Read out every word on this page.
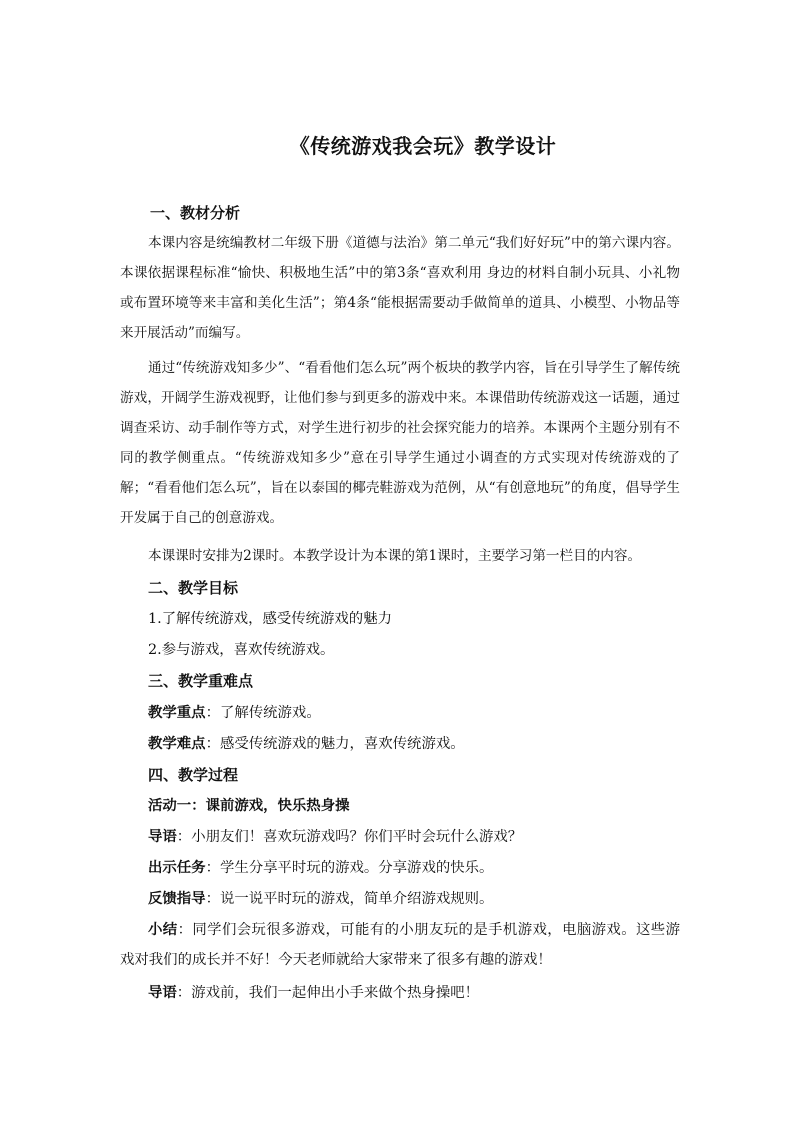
《传统游戏我会玩》教学设计
一、教材分析

本课内容是统编教材二年级下册《道德与法治》第二单元“我们好好玩”中的第六课内容。本课依据课程标准“愉快、积极地生活”中的第3条“喜欢利用 身边的材料自制小玩具、小礼物或布置环境等来丰富和美化生活”；第4条“能根据需要动手做简单的道具、小模型、小物品等来开展活动”而编写。

通过“传统游戏知多少”、“看看他们怎么玩”两个板块的教学内容，旨在引导学生了解传统游戏，开阔学生游戏视野，让他们参与到更多的游戏中来。本课借助传统游戏这一话题，通过调查采访、动手制作等方式，对学生进行初步的社会探究能力的培养。本课两个主题分别有不同的教学侧重点。“传统游戏知多少”意在引导学生通过小调查的方式实现对传统游戏的了解；“看看他们怎么玩”，旨在以泰国的椰壳鞋游戏为范例，从“有创意地玩”的角度，倡导学生开发属于自己的创意游戏。

本课课时安排为2课时。本教学设计为本课的第1课时，主要学习第一栏目的内容。

二、教学目标
1.了解传统游戏，感受传统游戏的魅力
2.参与游戏，喜欢传统游戏。
三、教学重难点
教学重点：了解传统游戏。
教学难点：感受传统游戏的魅力，喜欢传统游戏。
四、教学过程
活动一：课前游戏，快乐热身操
导语：小朋友们！喜欢玩游戏吗？你们平时会玩什么游戏？
出示任务：学生分享平时玩的游戏。分享游戏的快乐。
反馈指导：说一说平时玩的游戏，简单介绍游戏规则。

小结：同学们会玩很多游戏，可能有的小朋友玩的是手机游戏，电脑游戏。这些游戏对我们的成长并不好！今天老师就给大家带来了很多有趣的游戏！

导语：游戏前，我们一起伸出小手来做个热身操吧！
